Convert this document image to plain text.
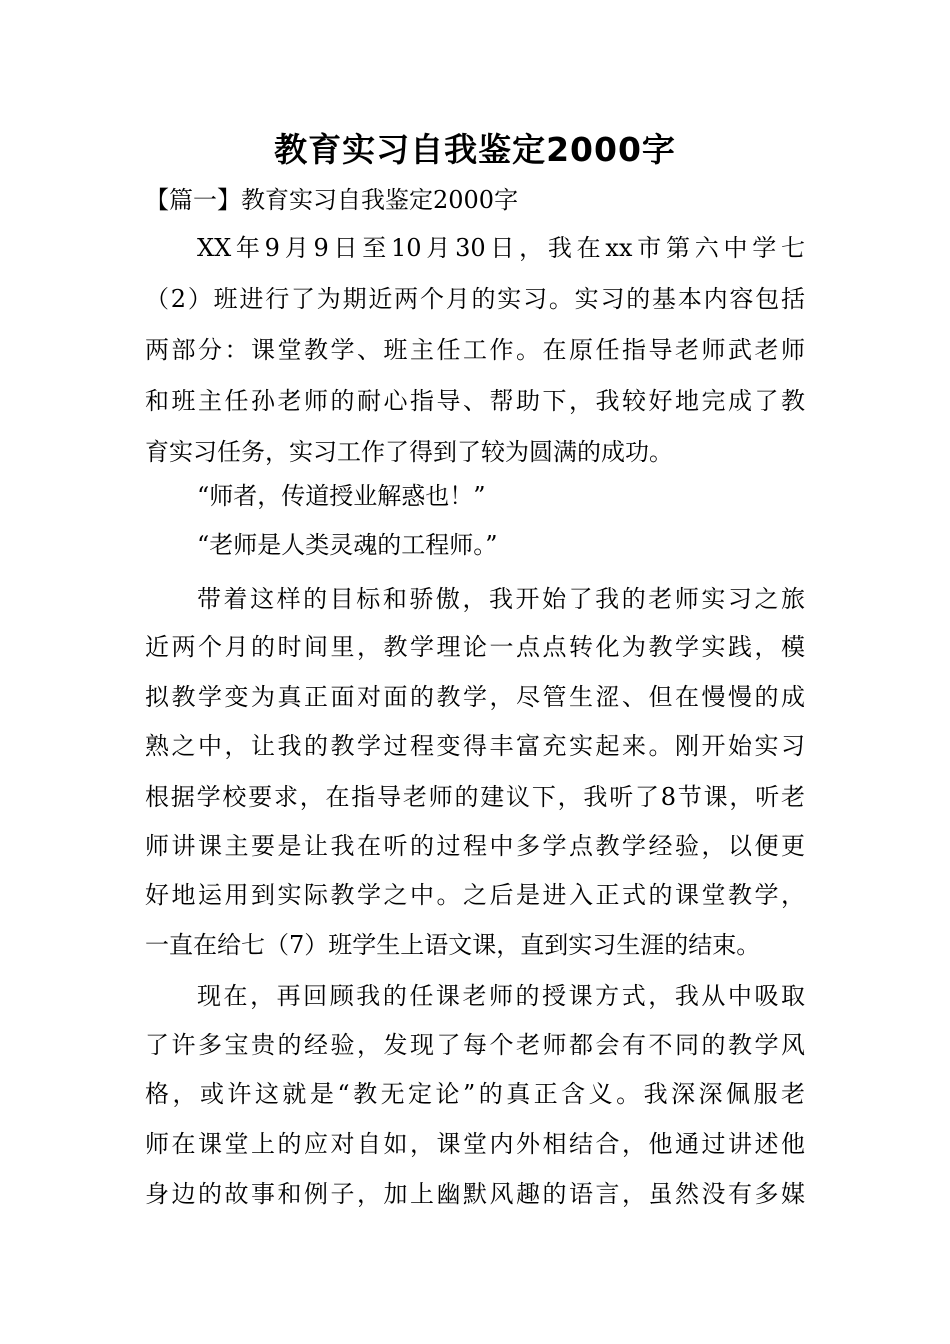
教育实习自我鉴定2000字
【篇一】教育实习自我鉴定2000字
XX年9月9日至10月30日，我在xx市第六中学七
（2）班进行了为期近两个月的实习。实习的基本内容包括
两部分：课堂教学、班主任工作。在原任指导老师武老师
和班主任孙老师的耐心指导、帮助下，我较好地完成了教
育实习任务，实习工作了得到了较为圆满的成功。
“师者，传道授业解惑也！”
“老师是人类灵魂的工程师。”
带着这样的目标和骄傲，我开始了我的老师实习之旅
近两个月的时间里，教学理论一点点转化为教学实践，模
拟教学变为真正面对面的教学，尽管生涩、但在慢慢的成
熟之中，让我的教学过程变得丰富充实起来。刚开始实习
根据学校要求，在指导老师的建议下，我听了8节课，听老
师讲课主要是让我在听的过程中多学点教学经验，以便更
好地运用到实际教学之中。之后是进入正式的课堂教学，
一直在给七（7）班学生上语文课，直到实习生涯的结束。
现在，再回顾我的任课老师的授课方式，我从中吸取
了许多宝贵的经验，发现了每个老师都会有不同的教学风
格，或许这就是“教无定论”的真正含义。我深深佩服老
师在课堂上的应对自如，课堂内外相结合，他通过讲述他
身边的故事和例子，加上幽默风趣的语言，虽然没有多媒
